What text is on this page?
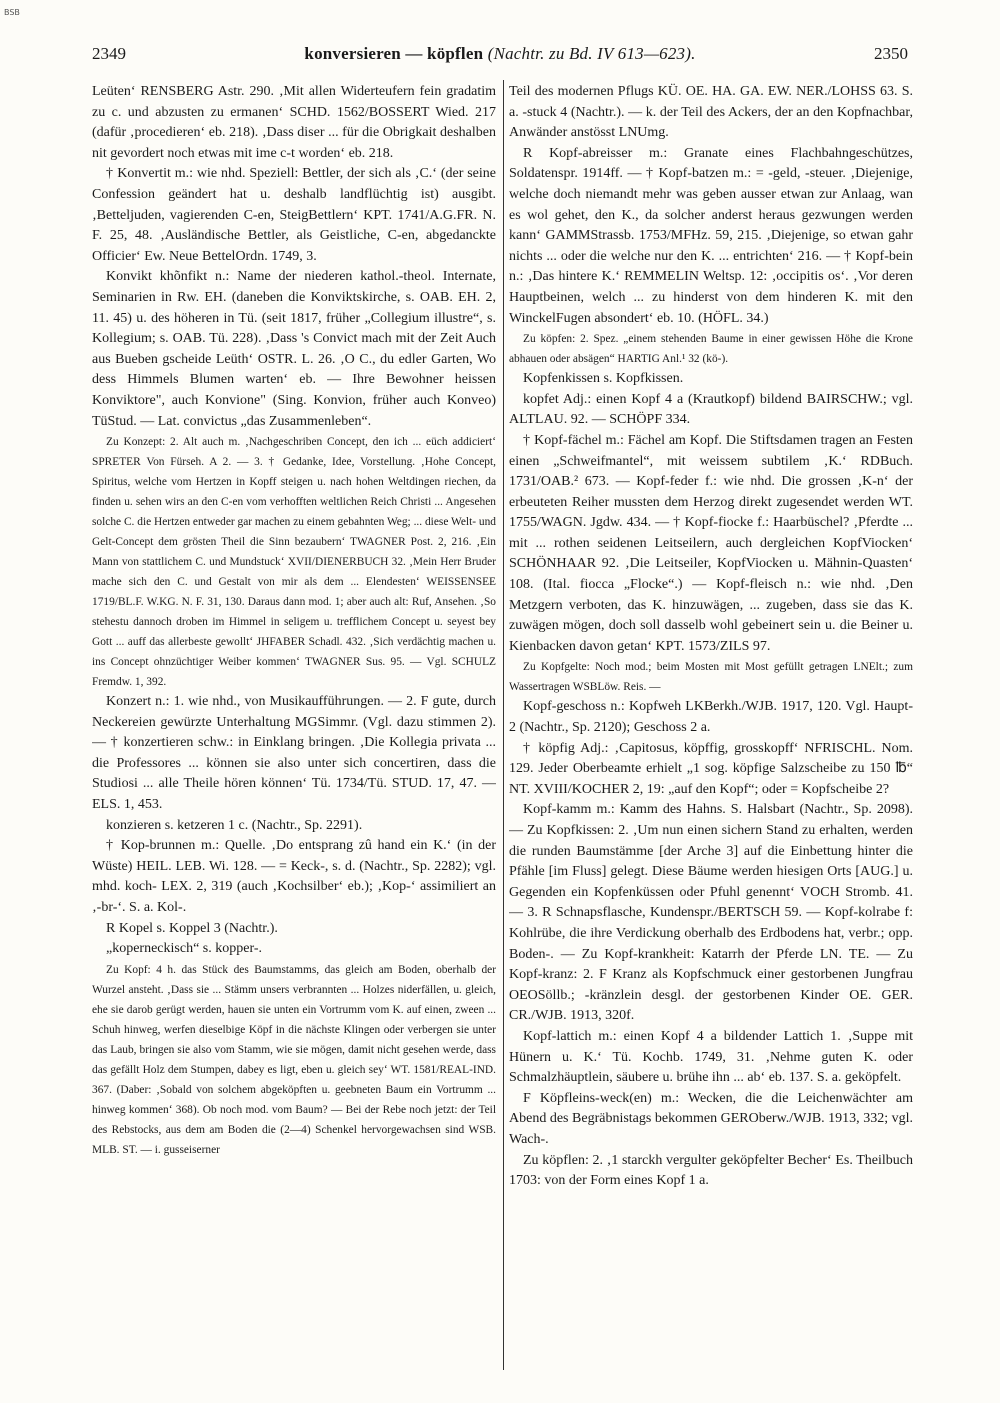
BSB
2349	konversieren — köpflen (Nachtr. zu Bd. IV 613—623).	2350

Leüten‘ RENSBERG Astr. 290. ‚Mit allen Widerteufern fein gradatim zu c. und abzusten zu ermanen‘ SCHD. 1562/BOSSERT Wied. 217 (dafür ‚procedieren‘ eb. 218). ‚Dass diser ... für die Obrigkait deshalben nit gevordert noch etwas mit ime c-t worden‘ eb. 218.

† Konvertit m.: wie nhd. Speziell: Bettler, der sich als ‚C.‘ (der seine Confession geändert hat u. deshalb landflüchtig ist) ausgibt. ‚Betteljuden, vagierenden C-en, SteigBettlern‘ KPT. 1741/A.G.FR. N. F. 25, 48. ‚Ausländische Bettler, als Geistliche, C-en, abgedanckte Officier‘ Ew. Neue BettelOrdn. 1749, 3.

Konvikt khõnfikt n.: Name der niederen kathol.-theol. Internate, Seminarien in Rw. EH. (daneben die Konviktskirche, s. OAB. EH. 2, 11. 45) u. des höheren in Tü. (seit 1817, früher „Collegium illustre“, s. Kollegium; s. OAB. Tü. 228). ‚Dass 's Convict mach mit der Zeit Auch aus Bueben gscheide Leüth‘ OSTR. L. 26. ‚O C., du edler Garten, Wo dess Himmels Blumen warten‘ eb. — Ihre Bewohner heissen Konviktore", auch Konvione" (Sing. Konvion, früher auch Konveo) TüStud. — Lat. convictus „das Zusammenleben“.

Zu Konzept: 2. Alt auch m. ‚Nachgeschriben Concept, den ich ... eüch addiciert‘ SPRETER Von Fürseh. A 2. — 3. † Gedanke, Idee, Vorstellung. ‚Hohe Concept, Spiritus, welche vom Hertzen in Kopff steigen u. nach hohen Weltdingen riechen, da finden u. sehen wirs an den C-en vom verhofften weltlichen Reich Christi ... Angesehen solche C. die Hertzen entweder gar machen zu einem gebahnten Weg; ... diese Welt- und Gelt-Concept dem grösten Theil die Sinn bezaubern‘ TWAGNER Post. 2, 216. ‚Ein Mann von stattlichem C. und Mundstuck‘ XVII/DIENERBUCH 32. ‚Mein Herr Bruder mache sich den C. und Gestalt von mir als dem ... Elendesten‘ WEISSENSEE 1719/BL.F. W.KG. N. F. 31, 130. Daraus dann mod. 1; aber auch alt: Ruf, Ansehen. ‚So stehestu dannoch droben im Himmel in seligem u. trefflichem Concept u. seyest bey Gott ... auff das allerbeste gewollt‘ JHFABER Schadl. 432. ‚Sich verdächtig machen u. ins Concept ohnzüchtiger Weiber kommen‘ TWAGNER Sus. 95. — Vgl. SCHULZ Fremdw. 1, 392.

Konzert n.: 1. wie nhd., von Musikaufführungen. — 2. F gute, durch Neckereien gewürzte Unterhaltung MGSimmr. (Vgl. dazu stimmen 2). — † konzertieren schw.: in Einklang bringen. ‚Die Kollegia privata ... die Professores ... können sie also unter sich concertiren, dass die Studiosi ... alle Theile hören können‘ Tü. 1734/Tü. STUD. 17, 47. — ELS. 1, 453.

konzieren s. ketzeren 1 c. (Nachtr., Sp. 2291).

† Kop-brunnen m.: Quelle. ‚Do entsprang zû hand ein K.‘ (in der Wüste) HEIL. LEB. Wi. 128. — = Keck-, s. d. (Nachtr., Sp. 2282); vgl. mhd. koch- LEX. 2, 319 (auch ‚Kochsilber‘ eb.); ‚Kop-‘ assimiliert an ‚-br-‘. S. a. Kol-.

R Kopel s. Koppel 3 (Nachtr.).

„koperneckisch“ s. kopper-.

Zu Kopf: 4 h. das Stück des Baumstamms, das gleich am Boden, oberhalb der Wurzel ansteht. ‚Dass sie ... Stämm unsers verbrannten ... Holzes niderfällen, u. gleich, ehe sie darob gerügt werden, hauen sie unten ein Vortrumm vom K. auf einen, zween ... Schuh hinweg, werfen dieselbige Köpf in die nächste Klingen oder verbergen sie unter das Laub, bringen sie also vom Stamm, wie sie mögen, damit nicht gesehen werde, dass das gefällt Holz dem Stumpen, dabey es ligt, eben u. gleich sey‘ WT. 1581/REAL-IND. 367. (Daber: ‚Sobald von solchem abgeköpften u. geebneten Baum ein Vortrumm ... hinweg kommen‘ 368). Ob noch mod. vom Baum? — Bei der Rebe noch jetzt: der Teil des Rebstocks, aus dem am Boden die (2—4) Schenkel hervorgewachsen sind WSB. MLB. ST. — i. gusseiserner

Teil des modernen Pflugs KÜ. OE. HA. GA. EW. NER./LOHSS 63. S. a. -stuck 4 (Nachtr.). — k. der Teil des Ackers, der an den Kopfnachbar, Anwänder anstösst LNUmg.

R Kopf-abreisser m.: Granate eines Flachbahngeschützes, Soldatenspr. 1914ff. — † Kopf-batzen m.: = -geld, -steuer. ‚Diejenige, welche doch niemandt mehr was geben ausser etwan zur Anlaag, wan es wol gehet, den K., da solcher anderst heraus gezwungen werden kann‘ GAMMStrassb. 1753/MFHz. 59, 215. ‚Diejenige, so etwan gahr nichts ... oder die welche nur den K. ... entrichten‘ 216. — † Kopf-bein n.: ‚Das hintere K.‘ REMMELIN Weltsp. 12: ‚occipitis os‘. ‚Vor deren Hauptbeinen, welch ... zu hinderst von dem hinderen K. mit den WinckelFugen absondert‘ eb. 10. (HÖFL. 34.)

Zu köpfen: 2. Spez. „einem stehenden Baume in einer gewissen Höhe die Krone abhauen oder absägen“ HARTIG Anl.¹ 32 (kö-).

Kopfenkissen s. Kopfkissen.

kopfet Adj.: einen Kopf 4 a (Krautkopf) bildend BAIRSCHW.; vgl. ALTLAU. 92. — SCHÖPF 334.

† Kopf-fächel m.: Fächel am Kopf. Die Stiftsdamen tragen an Festen einen „Schweifmantel“, mit weissem subtilem ‚K.‘ RDBuch. 1731/OAB.² 673. — Kopf-feder f.: wie nhd. Die grossen ‚K-n‘ der erbeuteten Reiher mussten dem Herzog direkt zugesendet werden WT. 1755/WAGN. Jgdw. 434. — † Kopf-fiocke f.: Haarbüschel? ‚Pferdte ... mit ... rothen seidenen Leitseilern, auch dergleichen KopfViocken‘ SCHÖNHAAR 92. ‚Die Leitseiler, KopfViocken u. Mähnin-Quasten‘ 108. (Ital. fiocca „Flocke“.) — Kopf-fleisch n.: wie nhd. ‚Den Metzgern verboten, das K. hinzuwägen, ... zugeben, dass sie das K. zuwägen mögen, doch soll dasselb wohl gebeinert sein u. die Beiner u. Kienbacken davon getan‘ KPT. 1573/ZILS 97.

Zu Kopfgelte: Noch mod.; beim Mosten mit Most gefüllt getragen LNElt.; zum Wassertragen WSBLöw. Reis. —

Kopf-geschoss n.: Kopfweh LKBerkh./WJB. 1917, 120. Vgl. Haupt- 2 (Nachtr., Sp. 2120); Geschoss 2 a.

† köpfig Adj.: ‚Capitosus, köpffig, grosskopff‘ NFRISCHL. Nom. 129. Jeder Oberbeamte erhielt „1 sog. köpfige Salzscheibe zu 150 ℔“ NT. XVIII/KOCHER 2, 19: „auf den Kopf“; oder = Kopfscheibe 2?

Kopf-kamm m.: Kamm des Hahns. S. Halsbart (Nachtr., Sp. 2098). — Zu Kopfkissen: 2. ‚Um nun einen sichern Stand zu erhalten, werden die runden Baumstämme [der Arche 3] auf die Einbettung hinter die Pfähle [im Fluss] gelegt. Diese Bäume werden hiesigen Orts [AUG.] u. Gegenden ein Kopfenküssen oder Pfuhl genennt‘ VOCH Stromb. 41. — 3. R Schnapsflasche, Kundenspr./BERTSCH 59. — Kopf-kolrabe f: Kohlrübe, die ihre Verdickung oberhalb des Erdbodens hat, verbr.; opp. Boden-. — Zu Kopf-krankheit: Katarrh der Pferde LN. TE. — Zu Kopf-kranz: 2. F Kranz als Kopfschmuck einer gestorbenen Jungfrau OEOSöllb.; -kränzlein desgl. der gestorbenen Kinder OE. GER. CR./WJB. 1913, 320f.

Kopf-lattich m.: einen Kopf 4 a bildender Lattich 1. ‚Suppe mit Hünern u. K.‘ Tü. Kochb. 1749, 31. ‚Nehme guten K. oder Schmalzhäuptlein, säubere u. brühe ihn ... ab‘ eb. 137. S. a. geköpfelt.

F Köpfleins-weck(en) m.: Wecken, die die Leichenwächter am Abend des Begräbnistags bekommen GEROberw./WJB. 1913, 332; vgl. Wach-.

Zu köpflen: 2. ‚1 starckh vergulter geköpfelter Becher‘ Es. Theilbuch 1703: von der Form eines Kopf 1 a.
